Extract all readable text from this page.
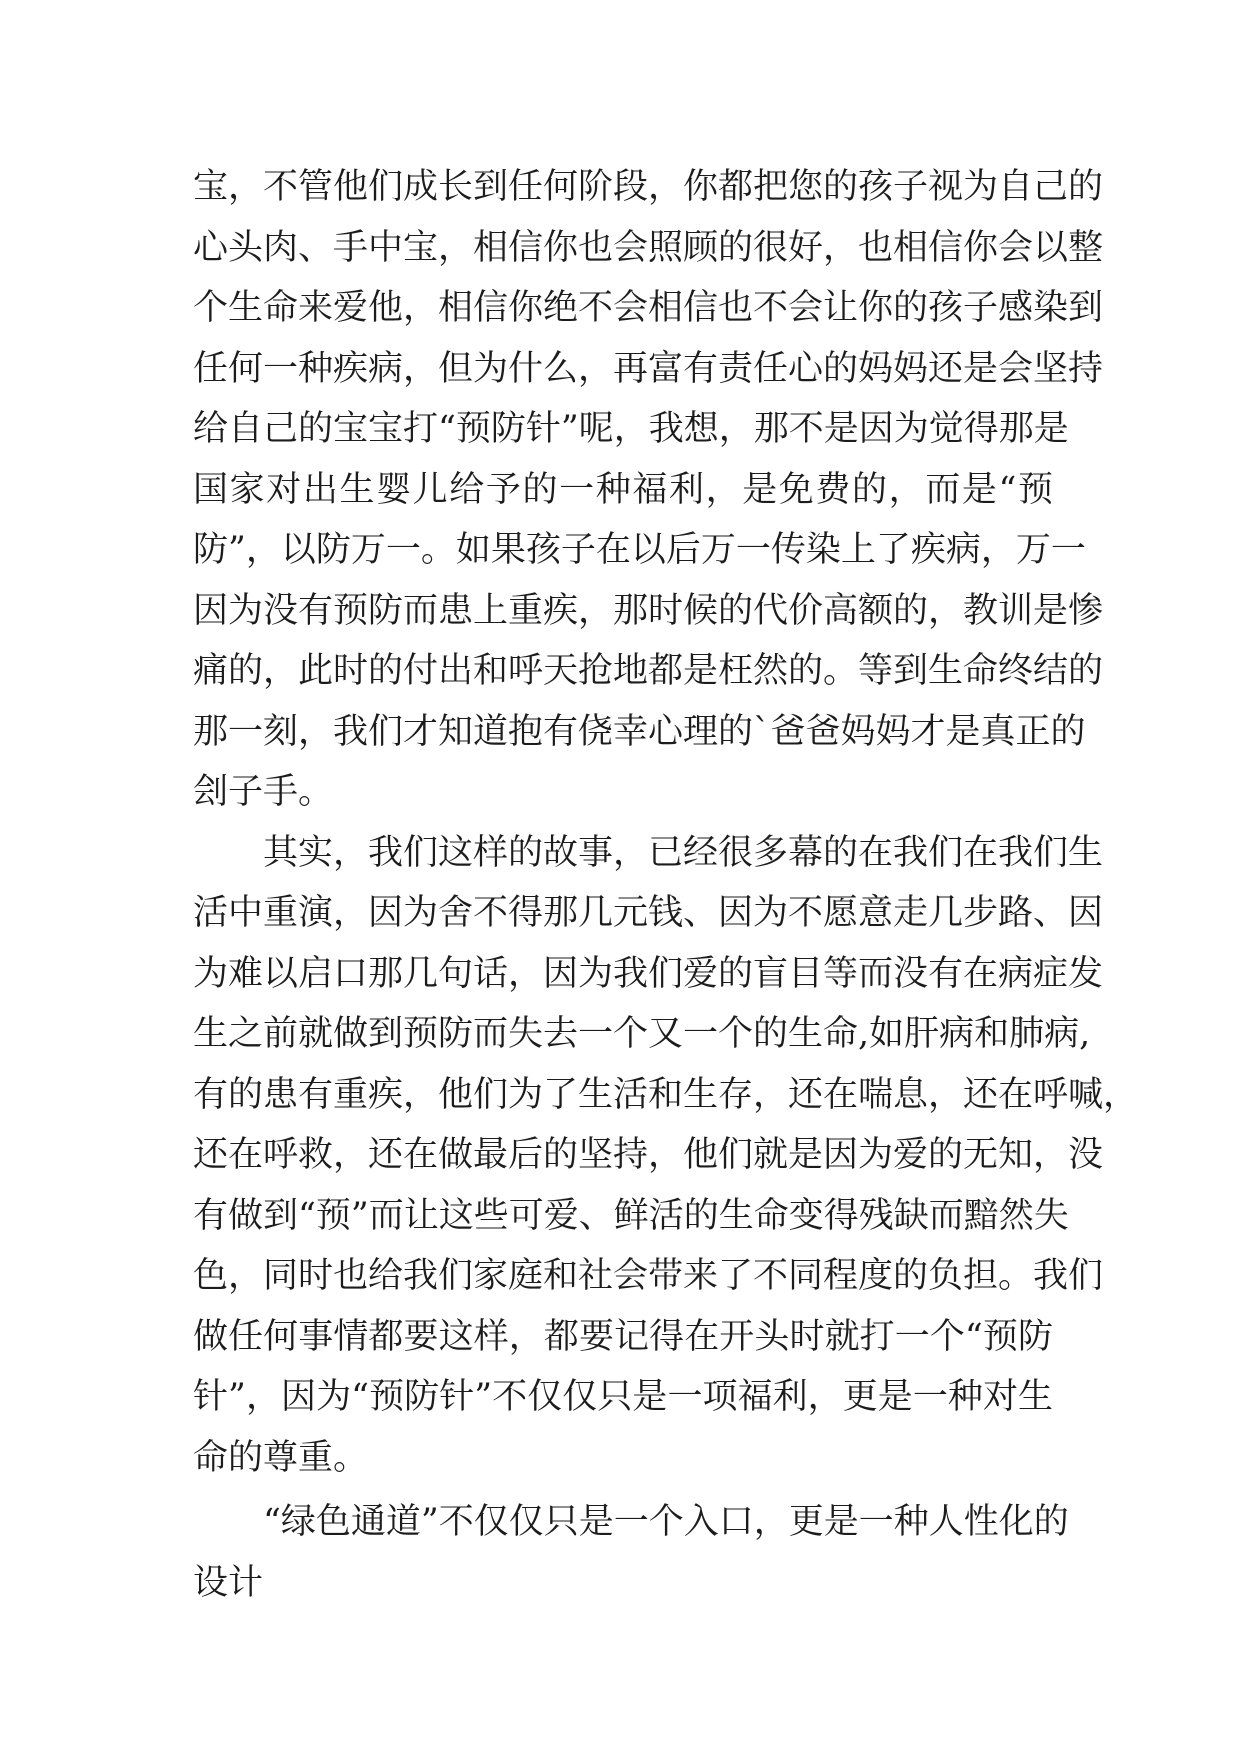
宝，不管他们成长到任何阶段，你都把您的孩子视为自己的
心头肉、手中宝，相信你也会照顾的很好，也相信你会以整
个生命来爱他，相信你绝不会相信也不会让你的孩子感染到
任何一种疾病，但为什么，再富有责任心的妈妈还是会坚持
给自己的宝宝打“预防针”呢，我想，那不是因为觉得那是
国家对出生婴儿给予的一种福利，是免费的，而是“预
防”，以防万一。如果孩子在以后万一传染上了疾病，万一
因为没有预防而患上重疾，那时候的代价高额的，教训是惨
痛的，此时的付出和呼天抢地都是枉然的。等到生命终结的
那一刻，我们才知道抱有侥幸心理的`爸爸妈妈才是真正的
刽子手。
其实，我们这样的故事，已经很多幕的在我们在我们生
活中重演，因为舍不得那几元钱、因为不愿意走几步路、因
为难以启口那几句话，因为我们爱的盲目等而没有在病症发
生之前就做到预防而失去一个又一个的生命,如肝病和肺病,
有的患有重疾，他们为了生活和生存，还在喘息，还在呼喊，
还在呼救，还在做最后的坚持，他们就是因为爱的无知，没
有做到“预”而让这些可爱、鲜活的生命变得残缺而黯然失
色，同时也给我们家庭和社会带来了不同程度的负担。我们
做任何事情都要这样，都要记得在开头时就打一个“预防
针”，因为“预防针”不仅仅只是一项福利，更是一种对生
命的尊重。
“绿色通道”不仅仅只是一个入口，更是一种人性化的
设计
